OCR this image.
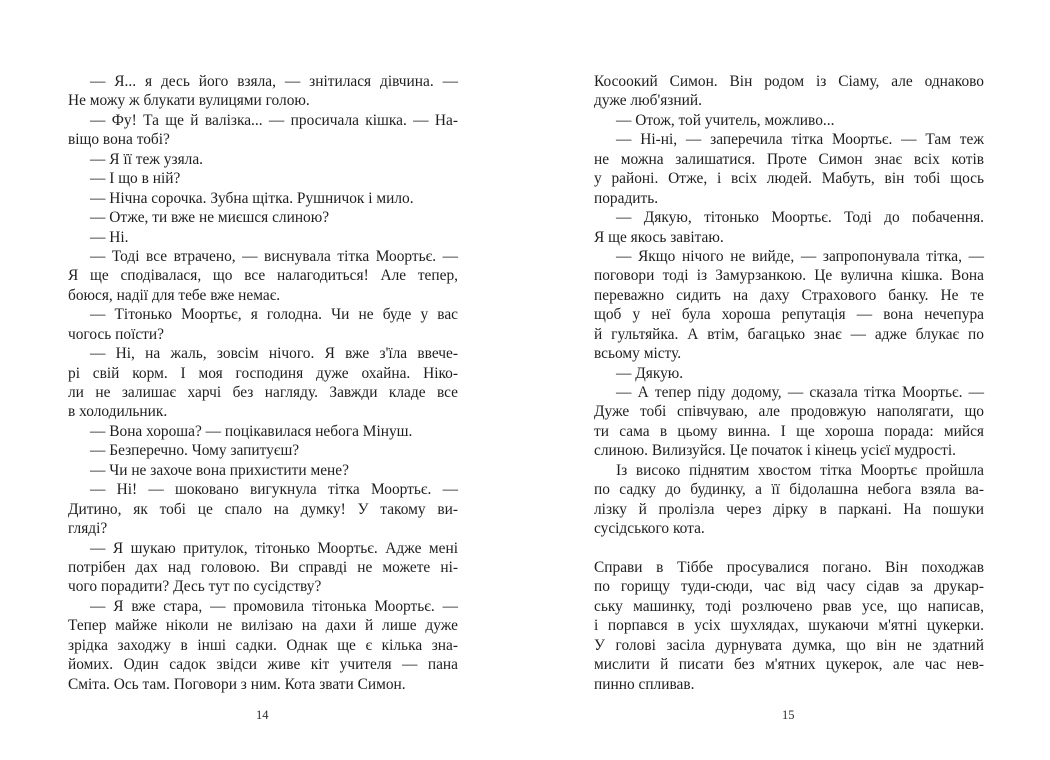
— Я... я десь його взяла, — знітилася дівчина. —
Не можу ж блукати вулицями голою.
— Фу! Та ще й валізка... — просичала кішка. — На-
віщо вона тобі?
— Я її теж узяла.
— І що в ній?
— Нічна сорочка. Зубна щітка. Рушничок і мило.
— Отже, ти вже не миєшся слиною?
— Ні.
— Тоді все втрачено, — виснувала тітка Моортьє. —
Я ще сподівалася, що все налагодиться! Але тепер,
боюся, надії для тебе вже немає.
— Тітонько Моортьє, я голодна. Чи не буде у вас
чогось поїсти?
— Ні, на жаль, зовсім нічого. Я вже з'їла ввече-
рі свій корм. І моя господиня дуже охайна. Ніко-
ли не залишає харчі без нагляду. Завжди кладе все
в холодильник.
— Вона хороша? — поцікавилася небога Мінуш.
— Безперечно. Чому запитуєш?
— Чи не захоче вона прихистити мене?
— Ні! — шоковано вигукнула тітка Моортьє. —
Дитино, як тобі це спало на думку! У такому ви-
гляді?
— Я шукаю притулок, тітонько Моортьє. Адже мені
потрібен дах над головою. Ви справді не можете ні-
чого порадити? Десь тут по сусідству?
— Я вже стара, — промовила тітонька Моортьє. —
Тепер майже ніколи не вилізаю на дахи й лише дуже
зрідка заходжу в інші садки. Однак ще є кілька зна-
йомих. Один садок звідси живе кіт учителя — пана
Сміта. Ось там. Поговори з ним. Кота звати Симон.
14
Косоокий Симон. Він родом із Сіаму, але однаково
дуже люб'язний.
— Отож, той учитель, можливо...
— Ні-ні, — заперечила тітка Моортьє. — Там теж
не можна залишатися. Проте Симон знає всіх котів
у районі. Отже, і всіх людей. Мабуть, він тобі щось
порадить.
— Дякую, тітонько Моортьє. Тоді до побачення.
Я ще якось завітаю.
— Якщо нічого не вийде, — запропонувала тітка, —
поговори тоді із Замурзанкою. Це вулична кішка. Вона
переважно сидить на даху Страхового банку. Не те
щоб у неї була хороша репутація — вона нечепура
й гультяйка. А втім, багацько знає — адже блукає по
всьому місту.
— Дякую.
— А тепер піду додому, — сказала тітка Моортьє. —
Дуже тобі співчуваю, але продовжую наполягати, що
ти сама в цьому винна. І ще хороша порада: мийся
слиною. Вилизуйся. Це початок і кінець усієї мудрості.
Із високо піднятим хвостом тітка Моортьє пройшла
по садку до будинку, а її бідолашна небога взяла ва-
лізку й пролізла через дірку в паркані. На пошуки
сусідського кота.
Справи в Тіббе просувалися погано. Він походжав
по горищу туди-сюди, час від часу сідав за друкар-
ську машинку, тоді розлючено рвав усе, що написав,
і порпався в усіх шухлядах, шукаючи м'ятні цукерки.
У голові засіла дурнувата думка, що він не здатний
мислити й писати без м'ятних цукерок, але час нев-
пинно спливав.
15
